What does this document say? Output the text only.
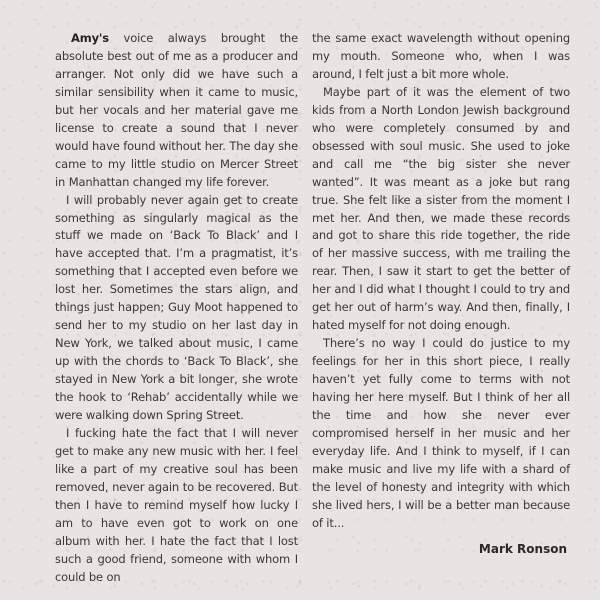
Amy's voice always brought the absolute best out of me as a producer and arranger. Not only did we have such a similar sensibility when it came to music, but her vocals and her material gave me license to create a sound that I never would have found without her. The day she came to my little studio on Mercer Street in Manhattan changed my life forever.

I will probably never again get to create something as singularly magical as the stuff we made on ‘Back To Black’ and I have accepted that. I’m a pragmatist, it’s something that I accepted even before we lost her. Sometimes the stars align, and things just happen; Guy Moot happened to send her to my studio on her last day in New York, we talked about music, I came up with the chords to ‘Back To Black’, she stayed in New York a bit longer, she wrote the hook to ‘Rehab’ accidentally while we were walking down Spring Street.

I fucking hate the fact that I will never get to make any new music with her. I feel like a part of my creative soul has been removed, never again to be recovered. But then I have to remind myself how lucky I am to have even got to work on one album with her. I hate the fact that I lost such a good friend, someone with whom I could be on

the same exact wavelength without opening my mouth. Someone who, when I was around, I felt just a bit more whole.

Maybe part of it was the element of two kids from a North London Jewish background who were completely consumed by and obsessed with soul music. She used to joke and call me “the big sister she never wanted”. It was meant as a joke but rang true. She felt like a sister from the moment I met her. And then, we made these records and got to share this ride together, the ride of her massive success, with me trailing the rear. Then, I saw it start to get the better of her and I did what I thought I could to try and get her out of harm’s way. And then, finally, I hated myself for not doing enough.

There’s no way I could do justice to my feelings for her in this short piece, I really haven’t yet fully come to terms with not having her here myself. But I think of her all the time and how she never ever compromised herself in her music and her everyday life. And I think to myself, if I can make music and live my life with a shard of the level of honesty and integrity with which she lived hers, I will be a better man because of it...

Mark Ronson
